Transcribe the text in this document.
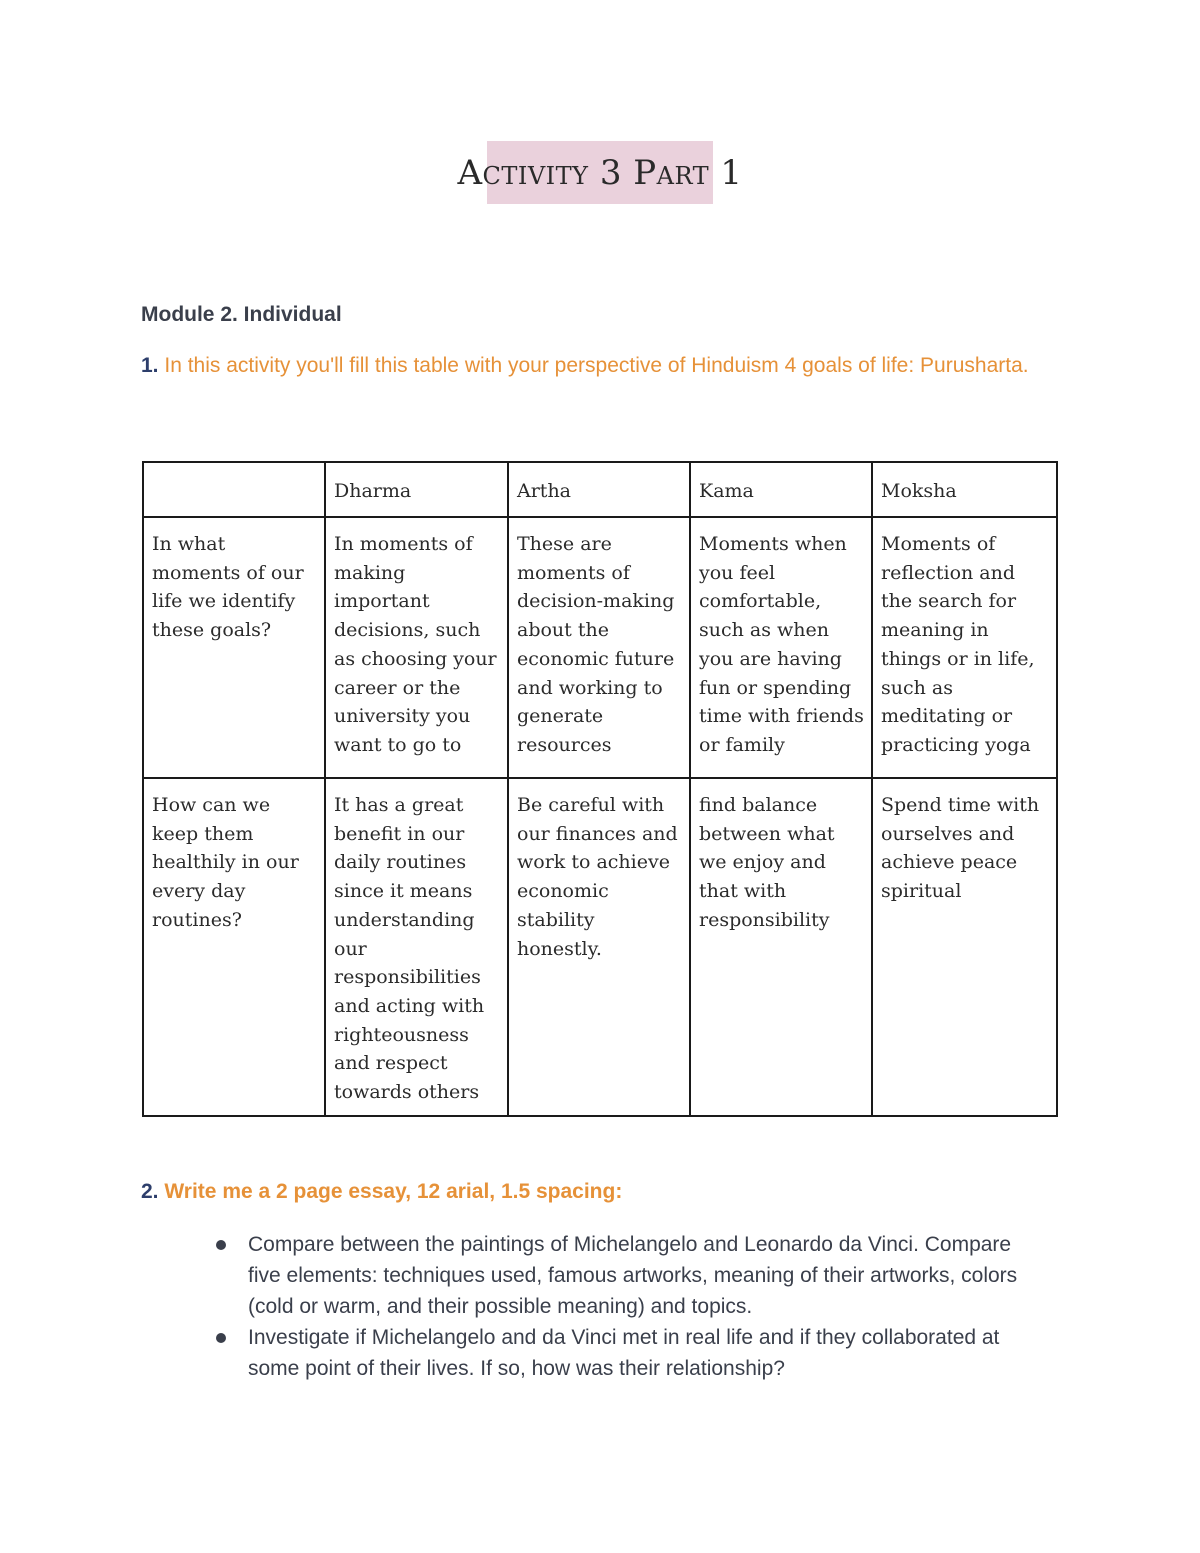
Activity 3 Part 1
Module 2. Individual
1. In this activity you'll fill this table with your perspective of Hinduism 4 goals of life: Purusharta.
	Dharma	Artha	Kama	Moksha
In what moments of our life we identify these goals?	In moments of making important decisions, such as choosing your career or the university you want to go to	These are moments of decision-making about the economic future and working to generate resources	Moments when you feel comfortable, such as when you are having fun or spending time with friends or family	Moments of reflection and the search for meaning in things or in life, such as meditating or practicing yoga
How can we keep them healthily in our every day routines?	It has a great benefit in our daily routines since it means understanding our responsibilities and acting with righteousness and respect towards others	Be careful with our finances and work to achieve economic stability honestly.	find balance between what we enjoy and that with responsibility	Spend time with ourselves and achieve peace spiritual
2. Write me a 2 page essay, 12 arial, 1.5 spacing:
Compare between the paintings of Michelangelo and Leonardo da Vinci. Compare five elements: techniques used, famous artworks, meaning of their artworks, colors (cold or warm, and their possible meaning) and topics.
Investigate if Michelangelo and da Vinci met in real life and if they collaborated at some point of their lives. If so, how was their relationship?
